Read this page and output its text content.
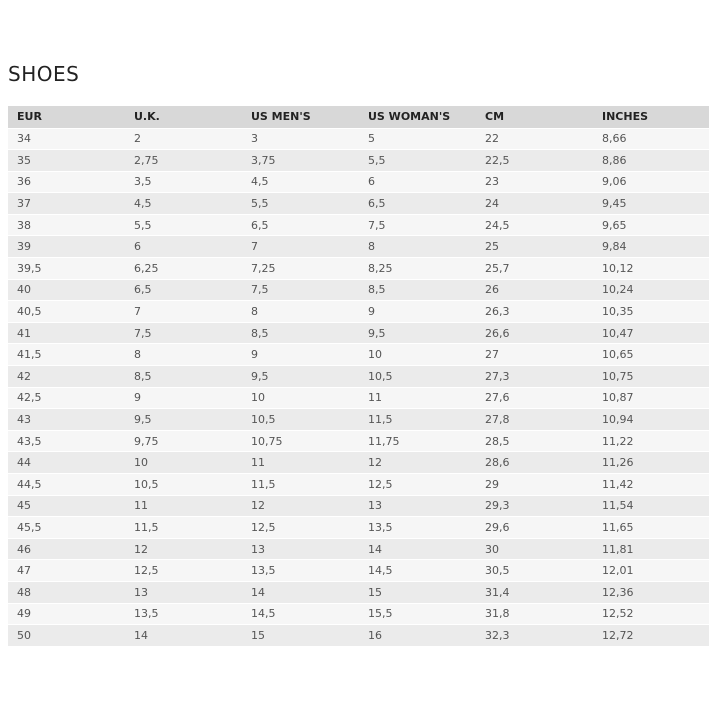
SHOES
EUR	U.K.	US MEN'S	US WOMAN'S	CM	INCHES
34	2	3	5	22	8,66
35	2,75	3,75	5,5	22,5	8,86
36	3,5	4,5	6	23	9,06
37	4,5	5,5	6,5	24	9,45
38	5,5	6,5	7,5	24,5	9,65
39	6	7	8	25	9,84
39,5	6,25	7,25	8,25	25,7	10,12
40	6,5	7,5	8,5	26	10,24
40,5	7	8	9	26,3	10,35
41	7,5	8,5	9,5	26,6	10,47
41,5	8	9	10	27	10,65
42	8,5	9,5	10,5	27,3	10,75
42,5	9	10	11	27,6	10,87
43	9,5	10,5	11,5	27,8	10,94
43,5	9,75	10,75	11,75	28,5	11,22
44	10	11	12	28,6	11,26
44,5	10,5	11,5	12,5	29	11,42
45	11	12	13	29,3	11,54
45,5	11,5	12,5	13,5	29,6	11,65
46	12	13	14	30	11,81
47	12,5	13,5	14,5	30,5	12,01
48	13	14	15	31,4	12,36
49	13,5	14,5	15,5	31,8	12,52
50	14	15	16	32,3	12,72
